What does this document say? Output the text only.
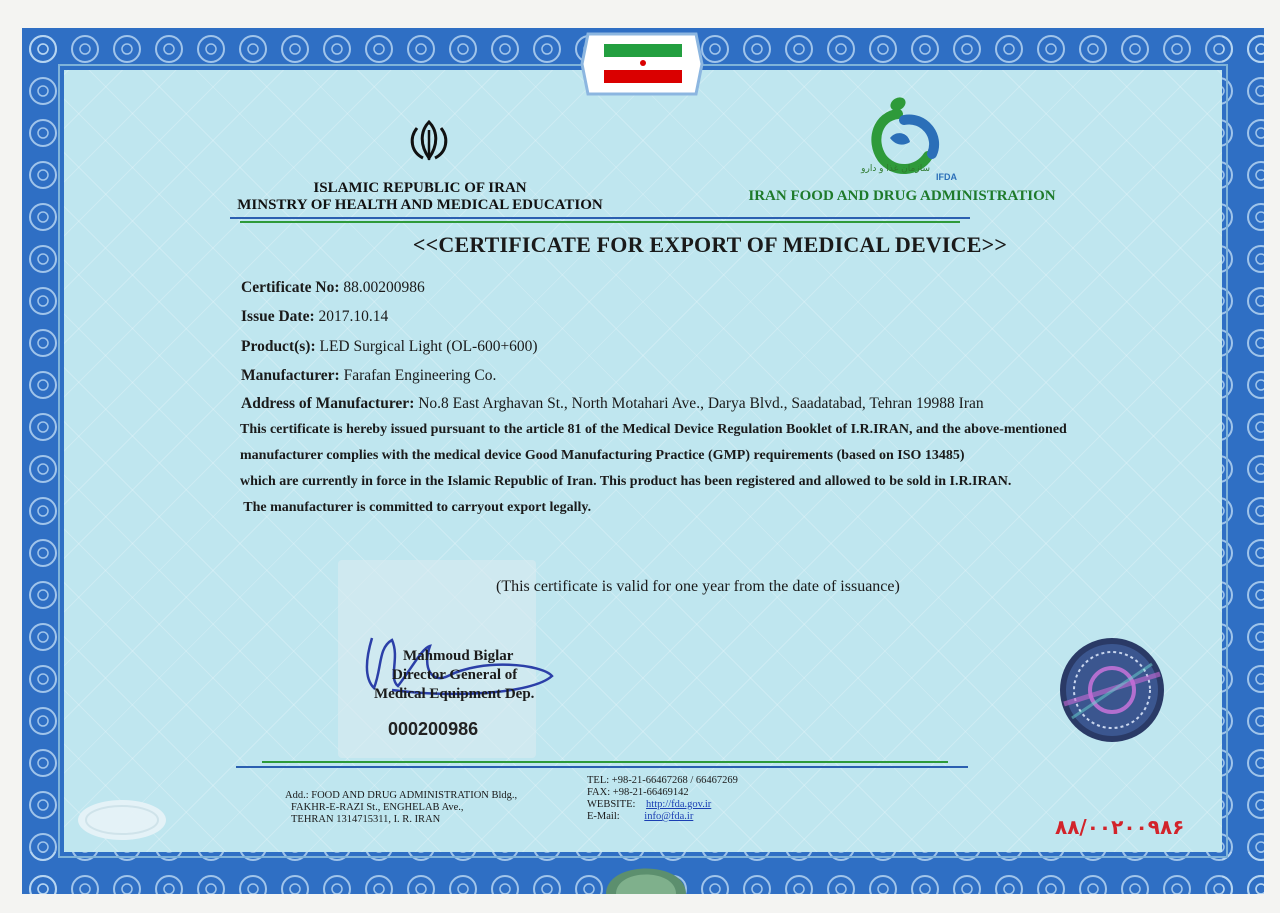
ISLAMIC REPUBLIC OF IRAN
MINSTRY OF HEALTH AND MEDICAL EDUCATION
سازمان غذا و دارو
IFDA
IRAN FOOD AND DRUG ADMINISTRATION
<<CERTIFICATE FOR EXPORT OF MEDICAL DEVICE>>
Certificate No: 88.00200986
Issue Date: 2017.10.14
Product(s): LED Surgical Light (OL-600+600)
Manufacturer: Farafan Engineering Co.
Address of Manufacturer: No.8 East Arghavan St., North Motahari Ave., Darya Blvd., Saadatabad, Tehran 19988 Iran
This certificate is hereby issued pursuant to the article 81 of the Medical Device Regulation Booklet of I.R.IRAN, and the above-mentioned
manufacturer complies with the medical device Good Manufacturing Practice (GMP) requirements (based on ISO 13485)
which are currently in force in the Islamic Republic of Iran. This product has been registered and allowed to be sold in I.R.IRAN.
The manufacturer is committed to carryout export legally.
(This certificate is valid for one year from the date of issuance)
Mahmoud Biglar
Director General of
Medical Equipment Dep.
000200986
Add.: FOOD AND DRUG ADMINISTRATION Bldg.,
FAKHR-E-RAZI St., ENGHELAB Ave.,
TEHRAN 1314715311, I. R. IRAN
TEL: +98-21-66467268 / 66467269
FAX: +98-21-66469142
WEBSITE: http://fda.gov.ir
E-Mail: info@fda.ir	۸۸/۰۰۲۰۰۹۸۶
